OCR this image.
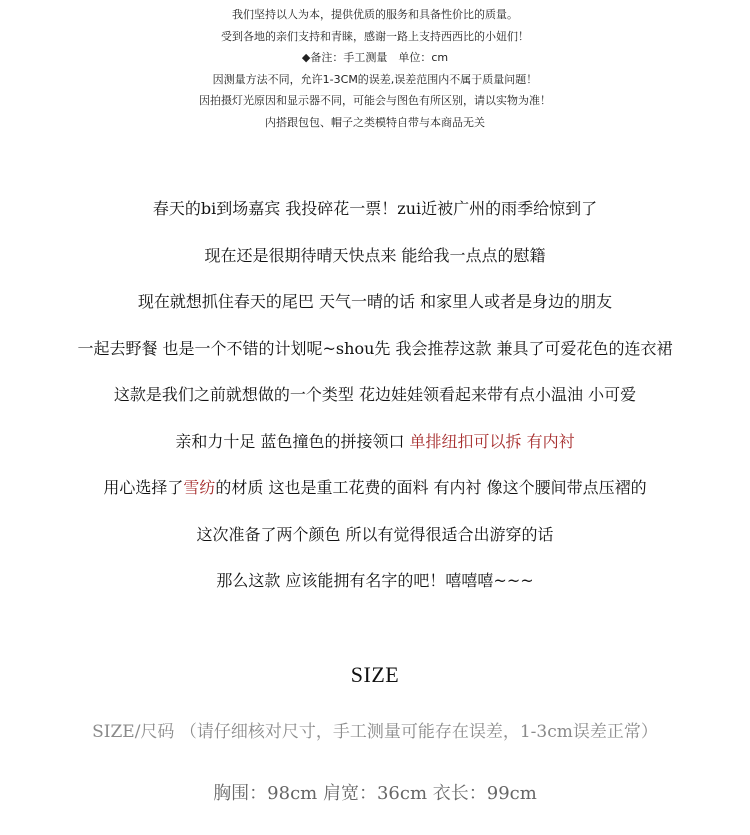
我们坚持以人为本，提供优质的服务和具备性价比的质量。
受到各地的亲们支持和青睐，感谢一路上支持西西比的小妞们！
◆备注：手工测量　单位：cm
因测量方法不同，允许1-3CM的误差,误差范围内不属于质量问题！
因拍摄灯光原因和显示器不同，可能会与图色有所区别，请以实物为准！
内搭跟包包、帽子之类模特自带与本商品无关
春天的bi到场嘉宾 我投碎花一票！zui近被广州的雨季给惊到了
现在还是很期待晴天快点来 能给我一点点的慰籍
现在就想抓住春天的尾巴 天气一晴的话 和家里人或者是身边的朋友
一起去野餐 也是一个不错的计划呢~shou先 我会推荐这款 兼具了可爱花色的连衣裙
这款是我们之前就想做的一个类型 花边娃娃领看起来带有点小温油 小可爱
亲和力十足 蓝色撞色的拼接领口 单排纽扣可以拆 有内衬
用心选择了雪纺的材质 这也是重工花费的面料 有内衬 像这个腰间带点压褶的
这次准备了两个颜色 所以有觉得很适合出游穿的话
那么这款 应该能拥有名字的吧！嘻嘻嘻~~~
SIZE
SIZE/尺码 （请仔细核对尺寸，手工测量可能存在误差，1-3cm误差正常）
胸围：98cm 肩宽：36cm 衣长：99cm
